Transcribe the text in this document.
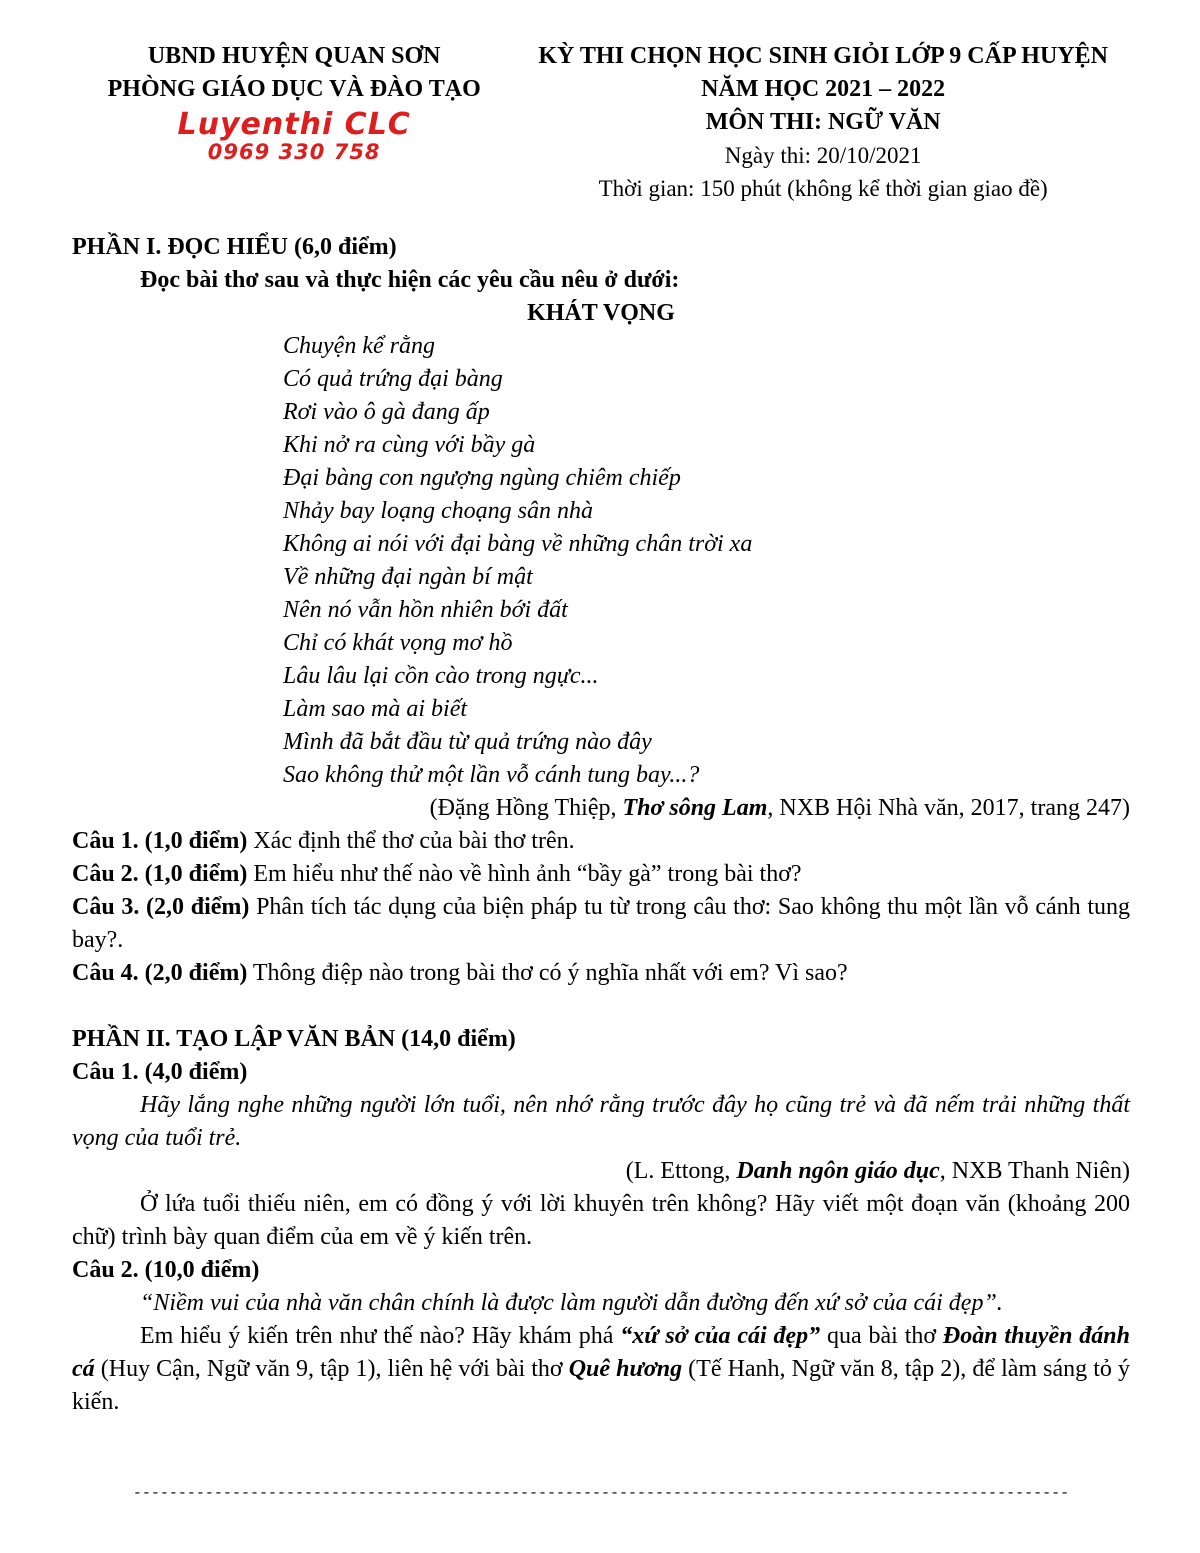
UBND HUYỆN QUAN SƠN
PHÒNG GIÁO DỤC VÀ ĐÀO TẠO
Luyenthi CLC
0969 330 758
KỲ THI CHỌN HỌC SINH GIỎI LỚP 9 CẤP HUYỆN
NĂM HỌC 2021 – 2022
MÔN THI: NGỮ VĂN
Ngày thi: 20/10/2021
Thời gian: 150 phút (không kể thời gian giao đề)

PHẦN I. ĐỌC HIỂU (6,0 điểm)

Đọc bài thơ sau và thực hiện các yêu cầu nêu ở dưới:

KHÁT VỌNG

Chuyện kể rằng
Có quả trứng đại bàng
Rơi vào ô gà đang ấp
Khi nở ra cùng với bầy gà
Đại bàng con ngượng ngùng chiêm chiếp
Nhảy bay loạng choạng sân nhà
Không ai nói với đại bàng về những chân trời xa
Về những đại ngàn bí mật
Nên nó vẫn hồn nhiên bới đất
Chỉ có khát vọng mơ hồ
Lâu lâu lại cồn cào trong ngực...
Làm sao mà ai biết
Mình đã bắt đầu từ quả trứng nào đây
Sao không thử một lần vỗ cánh tung bay...?

(Đặng Hồng Thiệp, Thơ sông Lam, NXB Hội Nhà văn, 2017, trang 247)

Câu 1. (1,0 điểm) Xác định thể thơ của bài thơ trên.

Câu 2. (1,0 điểm) Em hiểu như thế nào về hình ảnh “bầy gà” trong bài thơ?

Câu 3. (2,0 điểm) Phân tích tác dụng của biện pháp tu từ trong câu thơ: Sao không thu một lần vỗ cánh tung bay?.

Câu 4. (2,0 điểm) Thông điệp nào trong bài thơ có ý nghĩa nhất với em? Vì sao?

PHẦN II. TẠO LẬP VĂN BẢN (14,0 điểm)

Câu 1. (4,0 điểm)

Hãy lắng nghe những người lớn tuổi, nên nhớ rằng trước đây họ cũng trẻ và đã nếm trải những thất vọng của tuổi trẻ.

(L. Ettong, Danh ngôn giáo dục, NXB Thanh Niên)

Ở lứa tuổi thiếu niên, em có đồng ý với lời khuyên trên không? Hãy viết một đoạn văn (khoảng 200 chữ) trình bày quan điểm của em về ý kiến trên.

Câu 2. (10,0 điểm)

“Niềm vui của nhà văn chân chính là được làm người dẫn đường đến xứ sở của cái đẹp”.

Em hiểu ý kiến trên như thế nào? Hãy khám phá “xứ sở của cái đẹp” qua bài thơ Đoàn thuyền đánh cá (Huy Cận, Ngữ văn 9, tập 1), liên hệ với bài thơ Quê hương (Tế Hanh, Ngữ văn 8, tập 2), để làm sáng tỏ ý kiến.

--------------------------------------------------------------------------------------------------------
